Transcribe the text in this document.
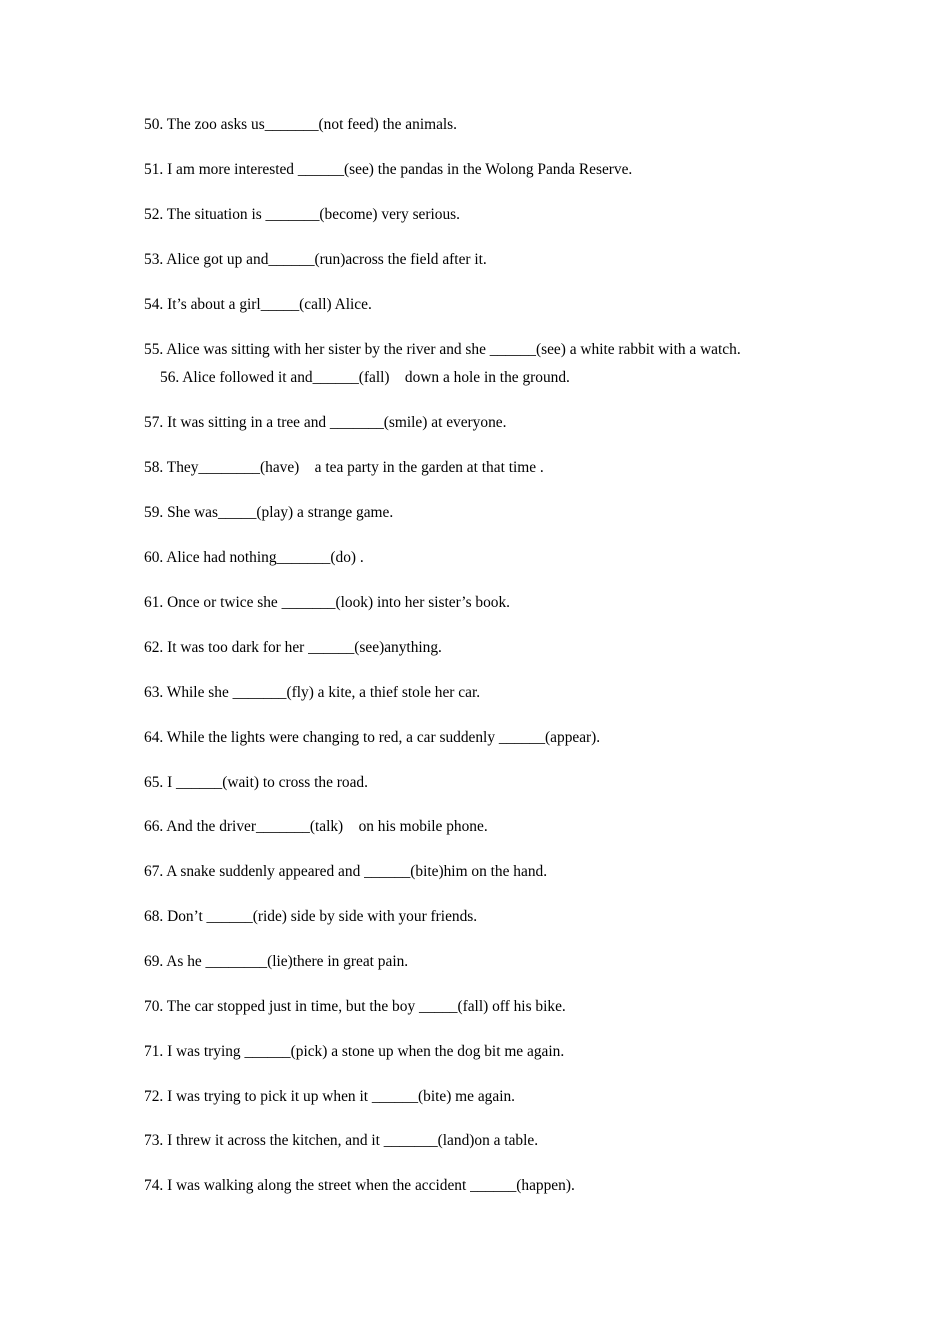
50. The zoo asks us_______(not feed) the animals.
51. I am more interested ______(see) the pandas in the Wolong Panda Reserve.
52. The situation is _______(become) very serious.
53. Alice got up and______(run)across the field after it.
54. It’s about a girl_____(call) Alice.
55. Alice was sitting with her sister by the river and she ______(see) a white rabbit with a watch.
56. Alice followed it and______(fall)    down a hole in the ground.
57. It was sitting in a tree and _______(smile) at everyone.
58. They________(have)    a tea party in the garden at that time .
59. She was_____(play) a strange game.
60. Alice had nothing_______(do) .
61. Once or twice she _______(look) into her sister’s book.
62. It was too dark for her ______(see)anything.
63. While she _______(fly) a kite, a thief stole her car.
64. While the lights were changing to red, a car suddenly ______(appear).
65. I ______(wait) to cross the road.
66. And the driver_______(talk)    on his mobile phone.
67. A snake suddenly appeared and ______(bite)him on the hand.
68. Don’t ______(ride) side by side with your friends.
69. As he ________(lie)there in great pain.
70. The car stopped just in time, but the boy _____(fall) off his bike.
71. I was trying ______(pick) a stone up when the dog bit me again.
72. I was trying to pick it up when it ______(bite) me again.
73. I threw it across the kitchen, and it _______(land)on a table.
74. I was walking along the street when the accident ______(happen).
